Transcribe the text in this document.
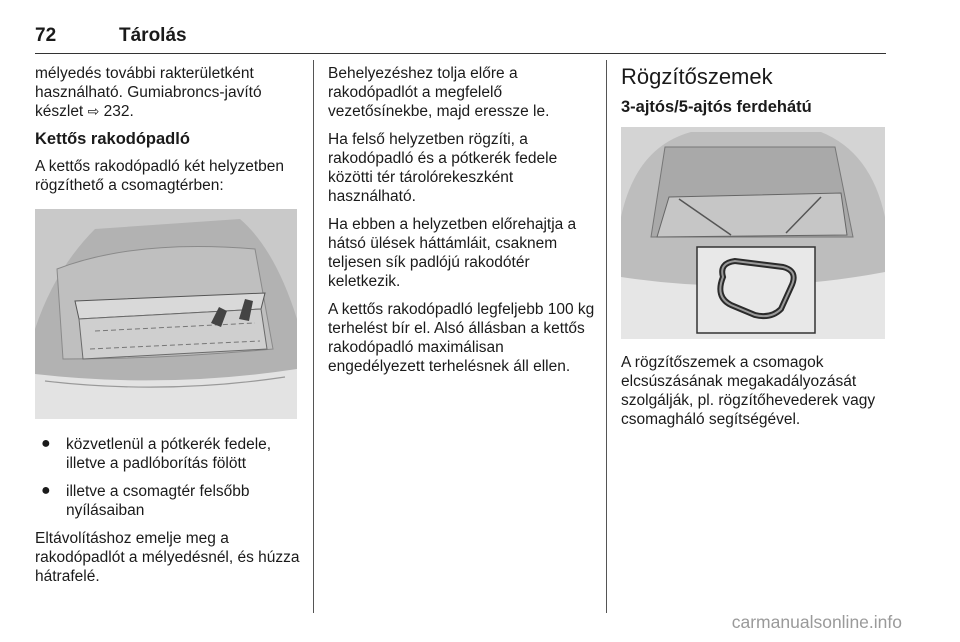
72	Tárolás

mélyedés további rakterületként használható. Gumiabroncs-javító készlet ⇨ 232.

Kettős rakodópadló

A kettős rakodópadló két helyzetben rögzíthető a csomagtérben:

● közvetlenül a pótkerék fedele, illetve a padlóborítás fölött
● illetve a csomagtér felsőbb nyílásaiban

Eltávolításhoz emelje meg a rakodópadlót a mélyedésnél, és húzza hátrafelé.

Behelyezéshez tolja előre a rakodópadlót a megfelelő vezetősínekbe, majd eressze le.

Ha felső helyzetben rögzíti, a rakodópadló és a pótkerék fedele közötti tér tárolórekeszként használható.

Ha ebben a helyzetben előrehajtja a hátsó ülések háttámláit, csaknem teljesen sík padlójú rakodótér keletkezik.

A kettős rakodópadló legfeljebb 100 kg terhelést bír el. Alsó állásban a kettős rakodópadló maximálisan engedélyezett terhelésnek áll ellen.

Rögzítőszemek
3-ajtós/5-ajtós ferdehátú

A rögzítőszemek a csomagok elcsúszásának megakadályozását szolgálják, pl. rögzítőhevederek vagy csomagháló segítségével.

carmanualsonline.info
